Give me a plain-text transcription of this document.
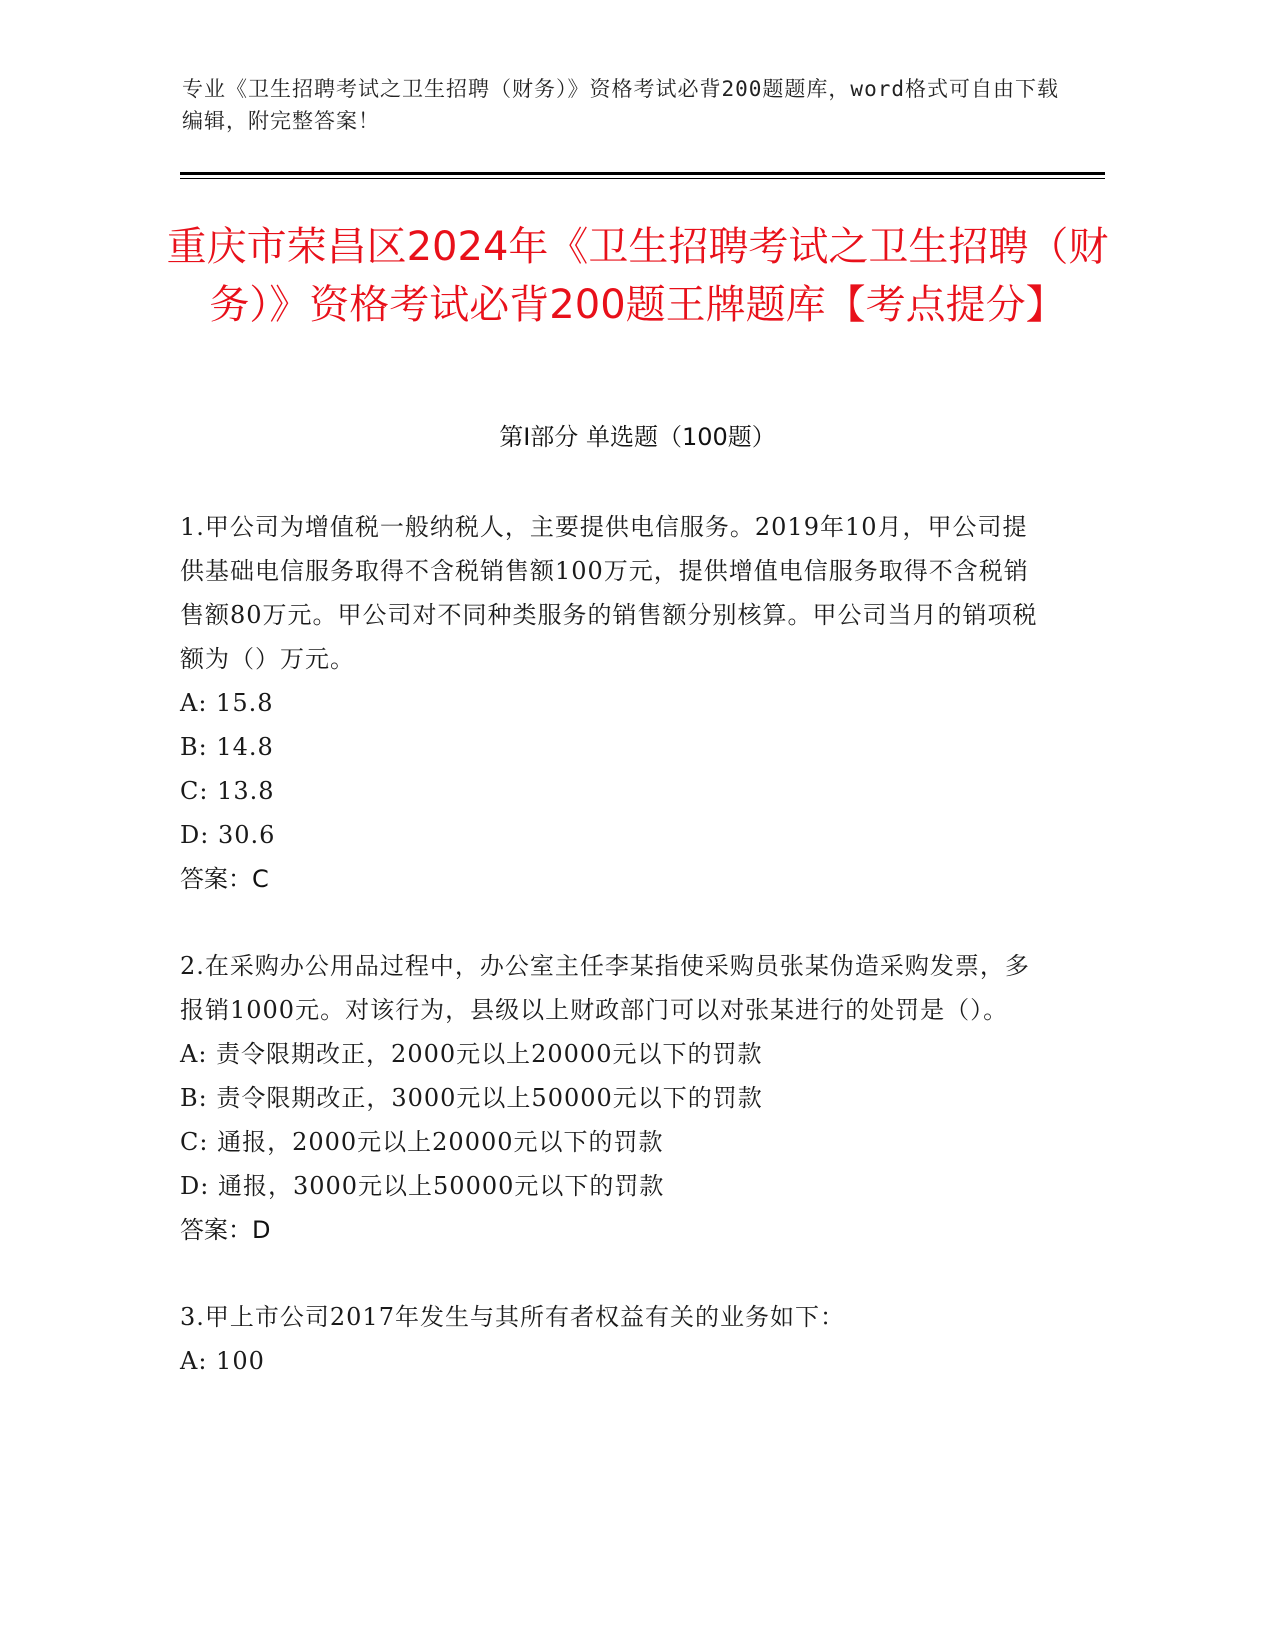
专业《卫生招聘考试之卫生招聘（财务）》资格考试必背200题题库，word格式可自由下载编辑，附完整答案！
重庆市荣昌区2024年《卫生招聘考试之卫生招聘（财务）》资格考试必背200题王牌题库【考点提分】
第Ⅰ部分 单选题（100题）

1.甲公司为增值税一般纳税人，主要提供电信服务。2019年10月，甲公司提供基础电信服务取得不含税销售额100万元，提供增值电信服务取得不含税销售额80万元。甲公司对不同种类服务的销售额分别核算。甲公司当月的销项税额为（）万元。

A: 15.8

B: 14.8

C: 13.8

D: 30.6

答案：C

2.在采购办公用品过程中，办公室主任李某指使采购员张某伪造采购发票，多报销1000元。对该行为，县级以上财政部门可以对张某进行的处罚是（）。

A: 责令限期改正，2000元以上20000元以下的罚款

B: 责令限期改正，3000元以上50000元以下的罚款

C: 通报，2000元以上20000元以下的罚款

D: 通报，3000元以上50000元以下的罚款

答案：D

3.甲上市公司2017年发生与其所有者权益有关的业务如下：

A: 100
